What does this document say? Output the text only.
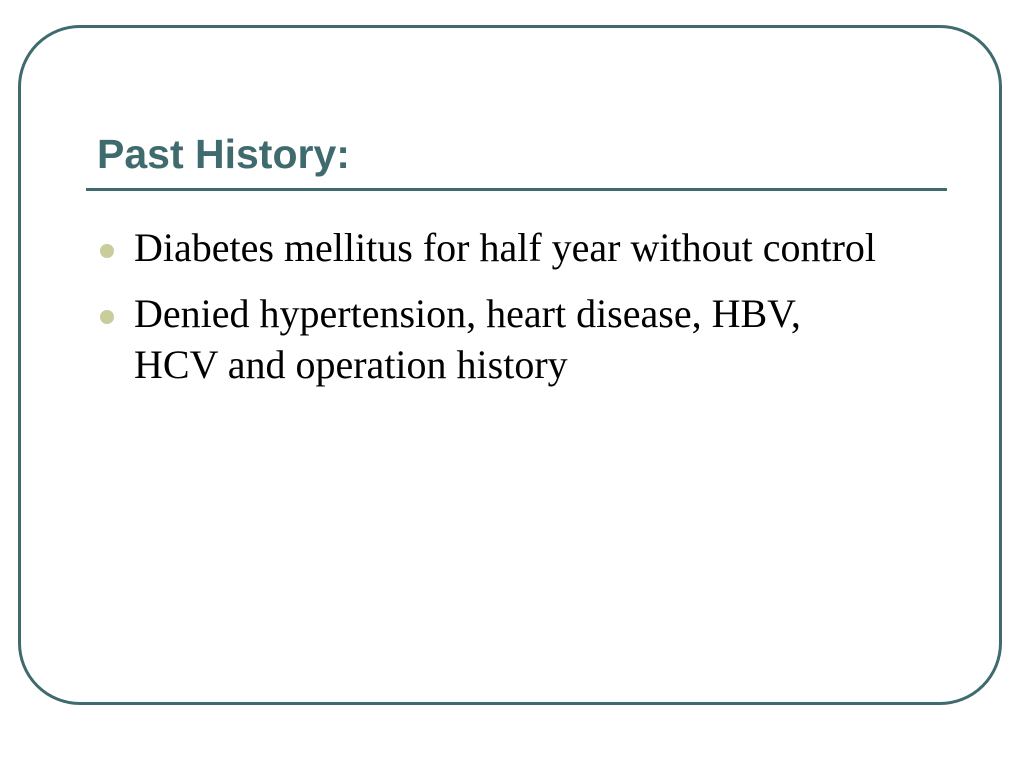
Past History:
Diabetes mellitus for half year without control
Denied hypertension, heart disease, HBV, HCV and operation history
